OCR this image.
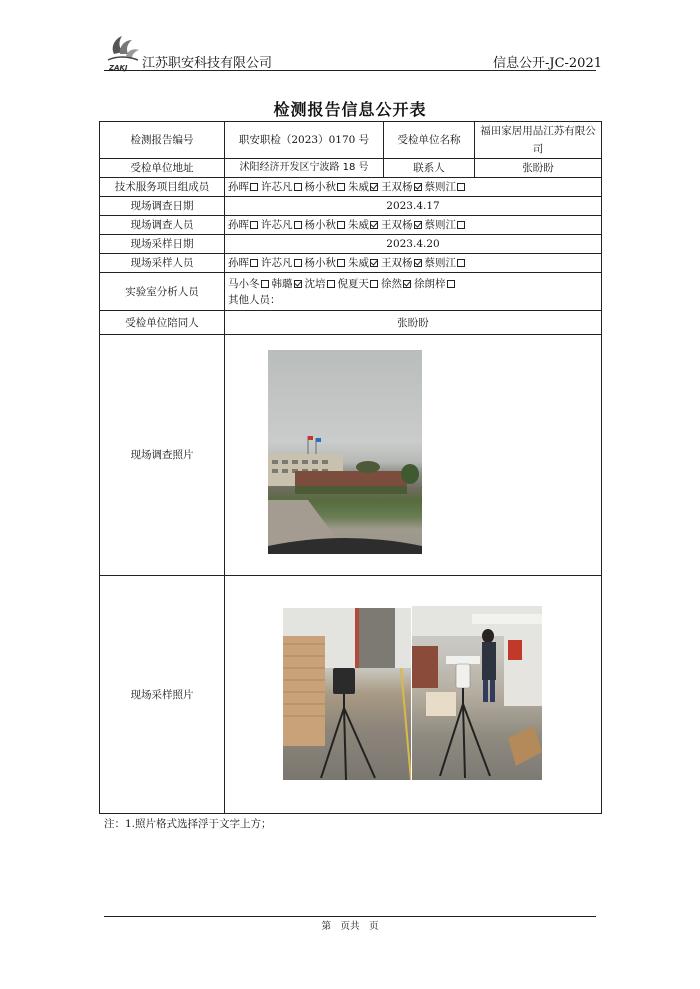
ZAKJ 江苏职安科技有限公司	信息公开-JC-2021
检测报告信息公开表
检测报告编号	职安职检（2023）0170 号	受检单位名称	福田家居用品江苏有限公司
受检单位地址	沭阳经济开发区宁波路 18 号	联系人	张盼盼
技术服务项目组成员	孙晖 许芯凡 杨小秋 朱威 王双杨 蔡则江		
现场调查日期	2023.4.17		
现场调查人员	孙晖 许芯凡 杨小秋 朱威 王双杨 蔡则江		
现场采样日期	2023.4.20		
现场采样人员	孙晖 许芯凡 杨小秋 朱威 王双杨 蔡则江		
实验室分析人员	马小冬 韩璐 沈培 倪夏天 徐然 徐朗梓
其他人员：		

受检单位陪同人	张盼盼		
现场调查照片			
现场采样照片			
注：1.照片格式选择浮于文字上方；
第　页共　页
